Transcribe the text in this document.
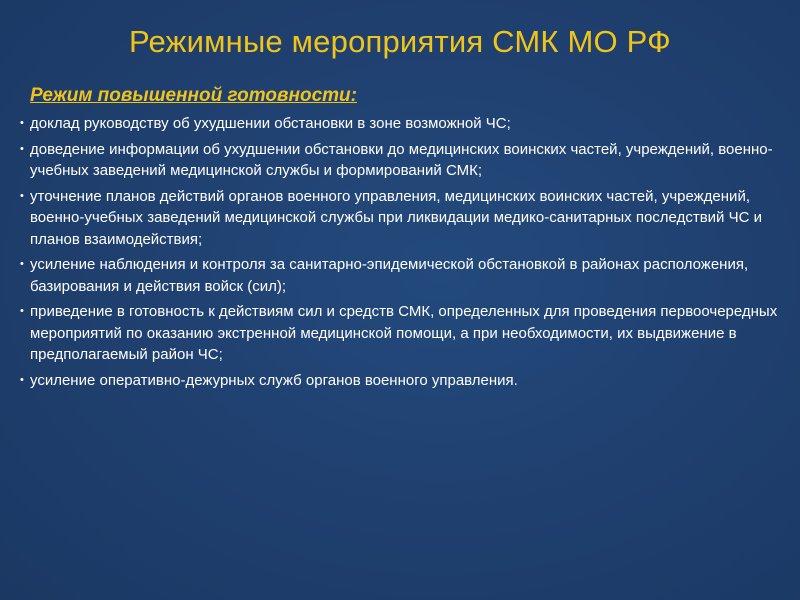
Режимные мероприятия СМК МО РФ

Режим повышенной готовности:

• доклад руководству об ухудшении обстановки в зоне возможной ЧС;
• доведение информации об ухудшении обстановки до медицинских воинских частей, учреждений, военно-учебных заведений медицинской службы и формирований СМК;
• уточнение планов действий органов военного управления, медицинских воинских частей, учреждений, военно-учебных заведений медицинской службы при ликвидации медико-санитарных последствий ЧС и планов взаимодействия;
• усиление наблюдения и контроля за санитарно-эпидемической обстановкой в районах расположения, базирования и действия войск (сил);
• приведение в готовность к действиям сил и средств СМК, определенных для проведения первоочередных мероприятий по оказанию экстренной медицинской помощи, а при необходимости, их выдвижение в предполагаемый район ЧС;
• усиление оперативно-дежурных служб органов военного управления.
